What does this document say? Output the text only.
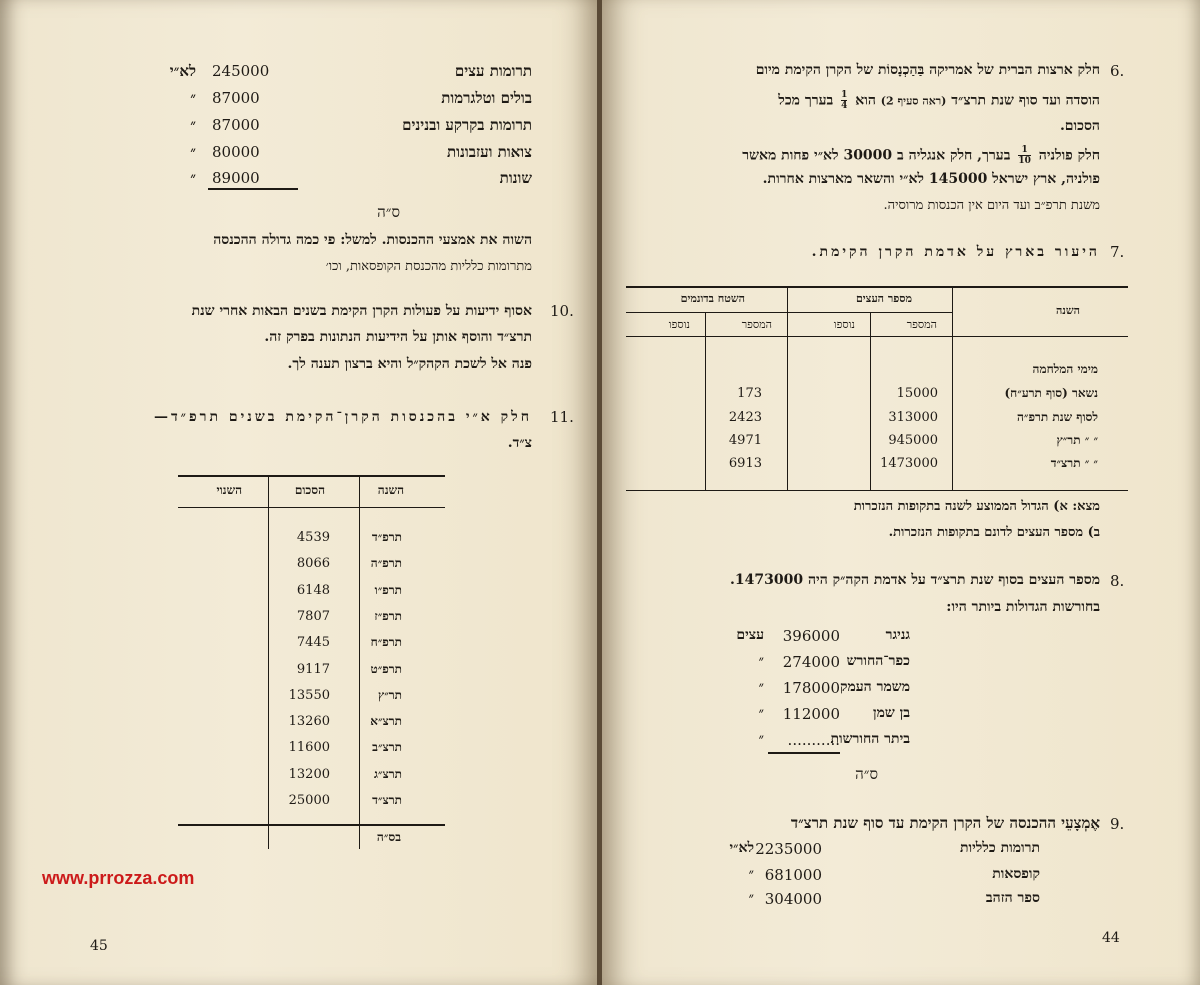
תרומות עצים
245000
לא״י
בולים וטלגרמות
87000
״
תרומות בקרקע ובנינים
87000
״
צואות ועזבונות
80000
״
שונות
89000
״
ס״ה
השוה את אמצעי ההכנסות. למשל: פי כמה גדולה ההכנסה
מתרומות כלליות מהכנסת הקופסאות, וכו׳
10.
אסוף ידיעות על פעולות הקרן הקימת בשנים הבאות אחרי שנת
תרצ״ד והוסף אותן על הידיעות הנתונות בפרק זה.
פנה אל לשכת הקהק״ל והיא ברצון תענה לך.
11.
חלק א״י בהכנסות הקרן־הקימת בשנים תרפ״ד—
צ״ד.
השנה
הסכום
השנוי
תרפ״ד
4539
תרפ״ה
8066
תרפ״ו
6148
תרפ״ז
7807
תרפ״ח
7445
תרפ״ט
9117
תר״ץ
13550
תרצ״א
13260
תרצ״ב
11600
תרצ״ג
13200
תרצ״ד
25000
בס״ה
www.prrozza.com
45
6.
חלק ארצות הברית של אמריקה בַּהַכְנָסוֹת של הקרן הקימת מיום
הוסדה ועד סוף שנת תרצ״ד (ראה סעיף 2) הוא
$\frac{1}{4}$
בערך מכל
הסכום.
חלק פולניה
$\frac{1}{10}$
בערך, חלק אנגליה ב 30000 לא״י פחות מאשר
פולניה, ארץ ישראל 145000 לא״י והשאר מארצות אחרות.
משנת תרפ״ב ועד היום אין הכנסות מרוסיה.
7.
היעור בארץ על אדמת הקרן הקימת.
השנה
מספר העצים
השטח בדונמים
המספר
נוספו
המספר
נוספו
מימי המלחמה
נשאר (סוף תרע״ח)
15000
173
לסוף שנת תרפ״ה
313000
2423
״ ״ תר״ץ
945000
4971
״ ״ תרצ״ד
1473000
6913
מצא: א) הגדול הממוצע לשנה בתקופות הנזכרות
ב) מספר העצים לדונם בתקופות הנזכרות.
8.
מספר העצים בסוף שנת תרצ״ד על אדמת הקה״ק היה 1473000.
בחורשות הגדולות ביותר היו:
גניגר
396000
עצים
כפר־החורש
274000
״
משמר העמק
178000
״
בן שמן
112000
״
ביתר החורשות
...........
״
ס״ה
9.
אֶמְצָעֵי ההכנסה של הקרן הקימת עד סוף שנת תרצ״ד
תרומות כלליות
2235000
לא״י
קופסאות
681000
״
ספר הזהב
304000
״
44
